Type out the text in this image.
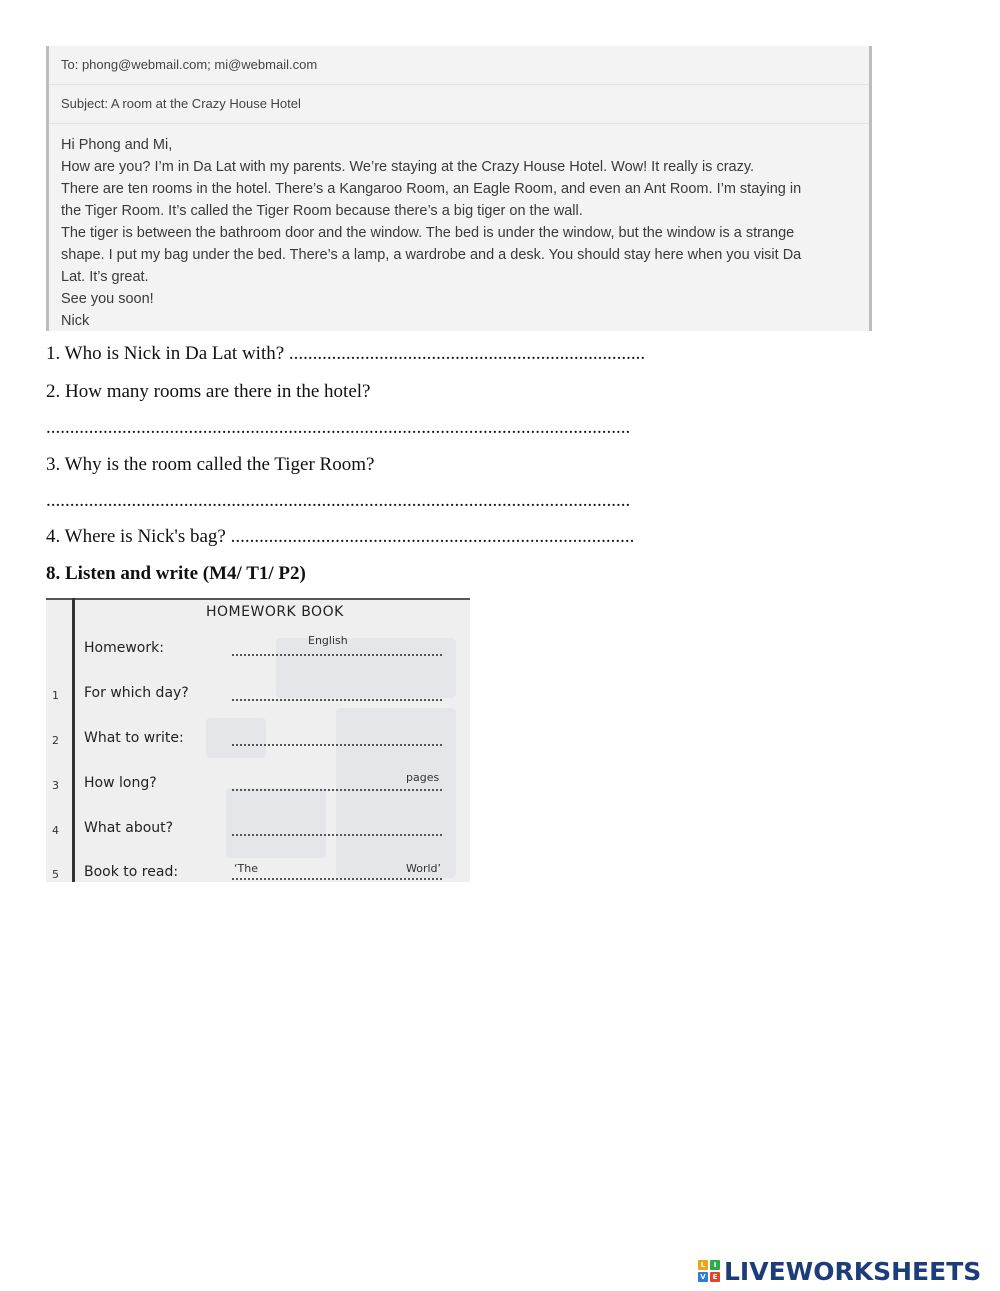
To: phong@webmail.com; mi@webmail.com
Subject: A room at the Crazy House Hotel

Hi Phong and Mi,

How are you? I’m in Da Lat with my parents. We’re staying at the Crazy House Hotel. Wow! It really is crazy.

There are ten rooms in the hotel. There’s a Kangaroo Room, an Eagle Room, and even an Ant Room. I’m staying in

the Tiger Room. It’s called the Tiger Room because there’s a big tiger on the wall.

The tiger is between the bathroom door and the window. The bed is under the window, but the window is a strange

shape. I put my bag under the bed. There’s a lamp, a wardrobe and a desk. You should stay here when you visit Da

Lat. It’s great.

See you soon!

Nick

1. Who is Nick in Da Lat with? ...........................................................................
2. How many rooms are there in the hotel?
...........................................................................................................................
3. Why is the room called the Tiger Room?
...........................................................................................................................
4. Where is Nick's bag? .....................................................................................
8. Listen and write (M4/ T1/ P2)
HOMEWORK BOOK
Homework:	English
1 For which day?
2 What to write:
3 How long?	pages
4 What about?
5 Book to read:	‘The	World’
L	I
V E LIVEWORKSHEETS
